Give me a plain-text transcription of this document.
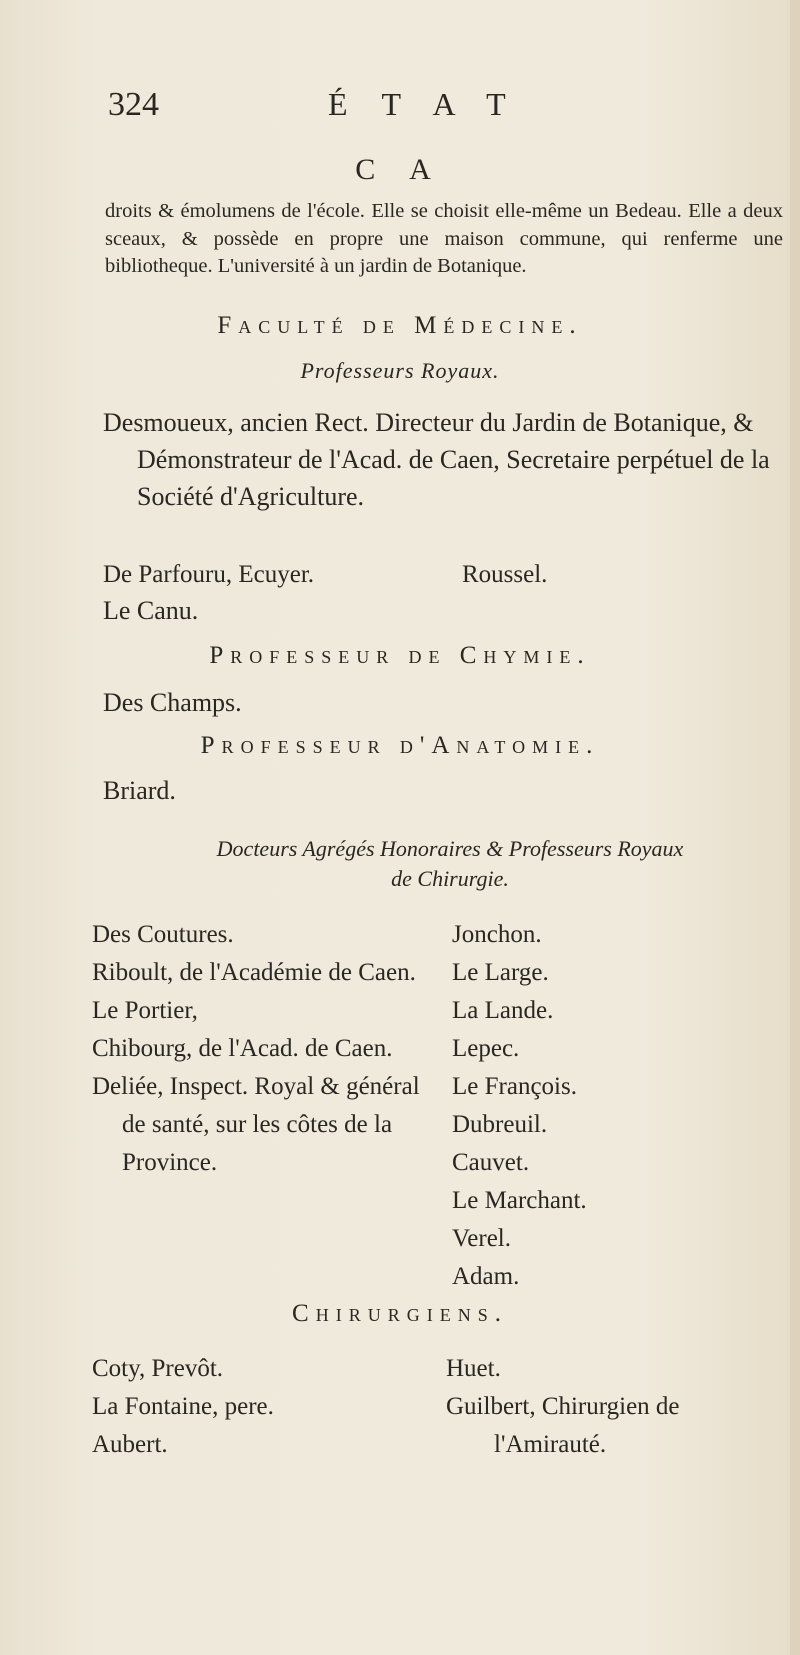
324	ÉTAT
C A
droits & émolumens de l'école. Elle se choisit elle-même un Bedeau. Elle a deux sceaux, & possède en propre une maison commune, qui renferme une bibliotheque. L'université à un jardin de Botanique.
Faculté de Médecine.
Professeurs Royaux.
Desmoueux, ancien Rect. Directeur du Jardin de Botanique, & Démonstrateur de l'Acad. de Caen, Secretaire perpétuel de la Société d'Agriculture.
De Parfouru, Ecuyer.	Roussel.
Le Canu.
Professeur de Chymie.
Des Champs.
Professeur d'Anatomie.
Briard.
Docteurs Agrégés Honoraires & Professeurs Royaux
de Chirurgie.
Des Coutures.
Riboult, de l'Académie de Caen.
Le Portier,
Chibourg, de l'Acad. de Caen.
Deliée, Inspect. Royal & général de santé, sur les côtes de la Province.
Jonchon.
Le Large.
La Lande.
Lepec.
Le François.
Dubreuil.
Cauvet.
Le Marchant.
Verel.
Adam.
Chirurgiens.
Coty, Prevôt.
La Fontaine, pere.
Aubert.
Huet.
Guilbert, Chirurgien de l'Amirauté.
